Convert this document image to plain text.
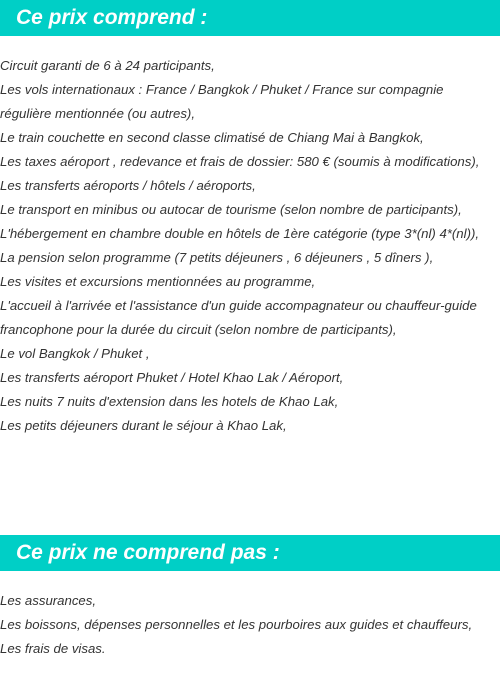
Ce prix comprend :
Circuit garanti de 6 à 24 participants,
Les vols internationaux : France / Bangkok / Phuket / France sur compagnie régulière mentionnée (ou autres),
Le train couchette en second classe climatisé de Chiang Mai à Bangkok,
Les taxes aéroport , redevance et frais de dossier: 580 € (soumis à modifications),
Les transferts aéroports / hôtels / aéroports,
Le transport en minibus ou autocar de tourisme (selon nombre de participants),
L'hébergement en chambre double en hôtels de 1ère catégorie (type 3*(nl) 4*(nl)),
La pension selon programme (7 petits déjeuners , 6 déjeuners , 5 dîners ),
Les visites et excursions mentionnées au programme,
L'accueil à l'arrivée et l'assistance d'un guide accompagnateur ou chauffeur-guide francophone pour la durée du circuit (selon nombre de participants),
Le vol Bangkok / Phuket ,
Les transferts aéroport Phuket / Hotel Khao Lak / Aéroport,
Les nuits 7 nuits d'extension dans les hotels de Khao Lak,
Les petits déjeuners durant le séjour à Khao Lak,
Ce prix ne comprend pas :
Les assurances,
Les boissons, dépenses personnelles et les pourboires aux guides et chauffeurs,
Les frais de visas.
